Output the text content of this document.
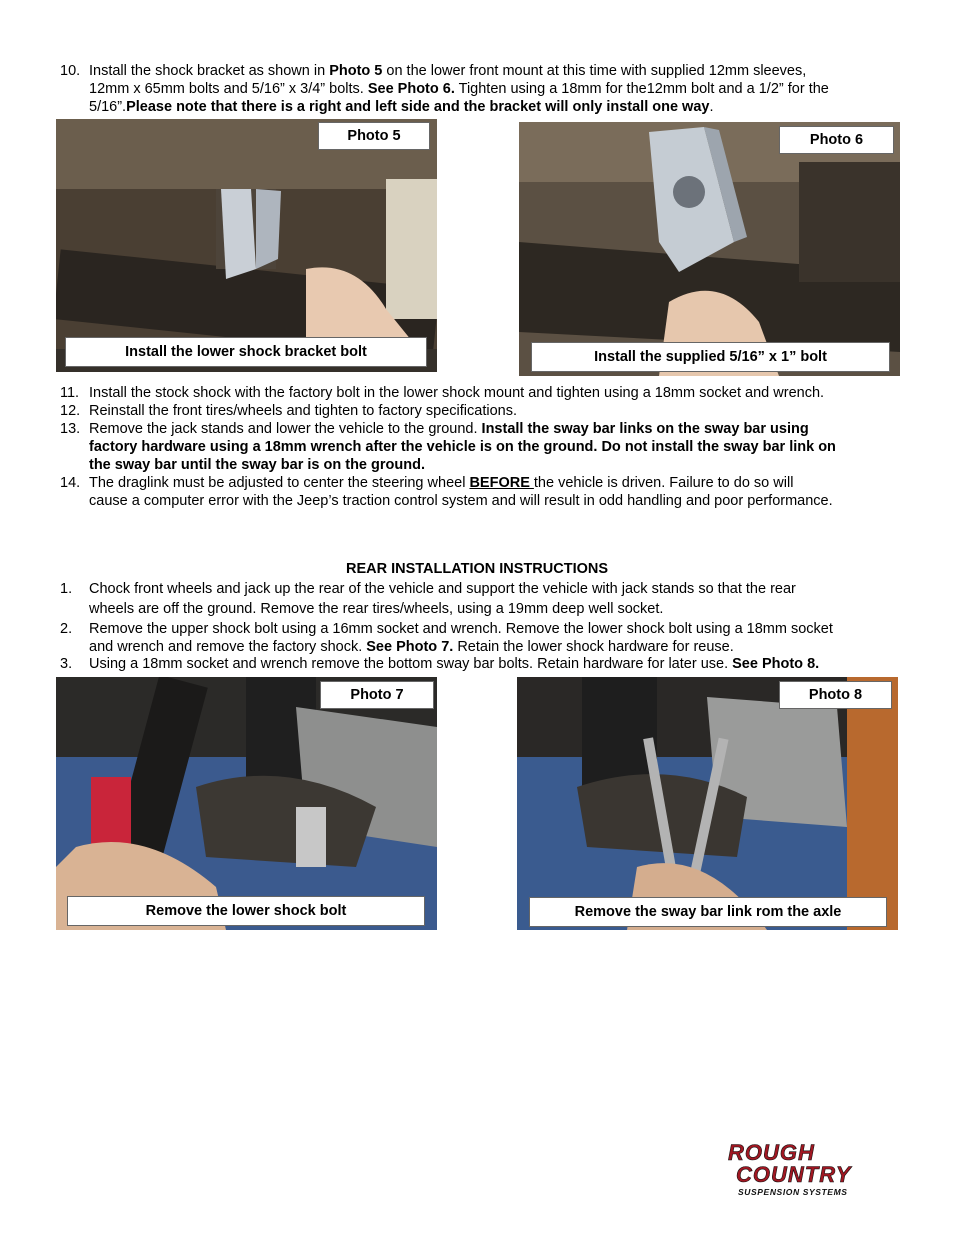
10. Install the shock bracket as shown in Photo 5 on the lower front mount at this time with supplied 12mm sleeves,
12mm x 65mm bolts and 5/16” x 3/4” bolts. See Photo 6. Tighten using a 18mm for the12mm bolt and a 1/2” for the
5/16”.Please note that there is a right and left side and the bracket will only install one way.
Photo 5
Install the lower shock bracket bolt
Photo 6
Install the supplied 5/16” x 1” bolt
11. Install the stock shock with the factory bolt in the lower shock mount and tighten using a 18mm socket and wrench.
12. Reinstall the front tires/wheels and tighten to factory specifications.
13. Remove the jack stands and lower the vehicle to the ground. Install the sway bar links on the sway bar using
factory hardware using a 18mm wrench after the vehicle is on the ground. Do not install the sway bar link on
the sway bar until the sway bar is on the ground.
14. The draglink must be adjusted to center the steering wheel BEFORE the vehicle is driven. Failure to do so will
cause a computer error with the Jeep’s traction control system and will result in odd handling and poor performance.
REAR INSTALLATION INSTRUCTIONS
1. Chock front wheels and jack up the rear of the vehicle and support the vehicle with jack stands so that the rear
wheels are off the ground. Remove the rear tires/wheels, using a 19mm deep well socket.
2. Remove the upper shock bolt using a 16mm socket and wrench. Remove the lower shock bolt using a 18mm socket
and wrench and remove the factory shock. See Photo 7. Retain the lower shock hardware for reuse.
3. Using a 18mm socket and wrench remove the bottom sway bar bolts. Retain hardware for later use. See Photo 8.
Photo 7
Remove the lower shock bolt
Photo 8
Remove the sway bar link rom the axle
ROUGH
COUNTRY
SUSPENSION SYSTEMS
